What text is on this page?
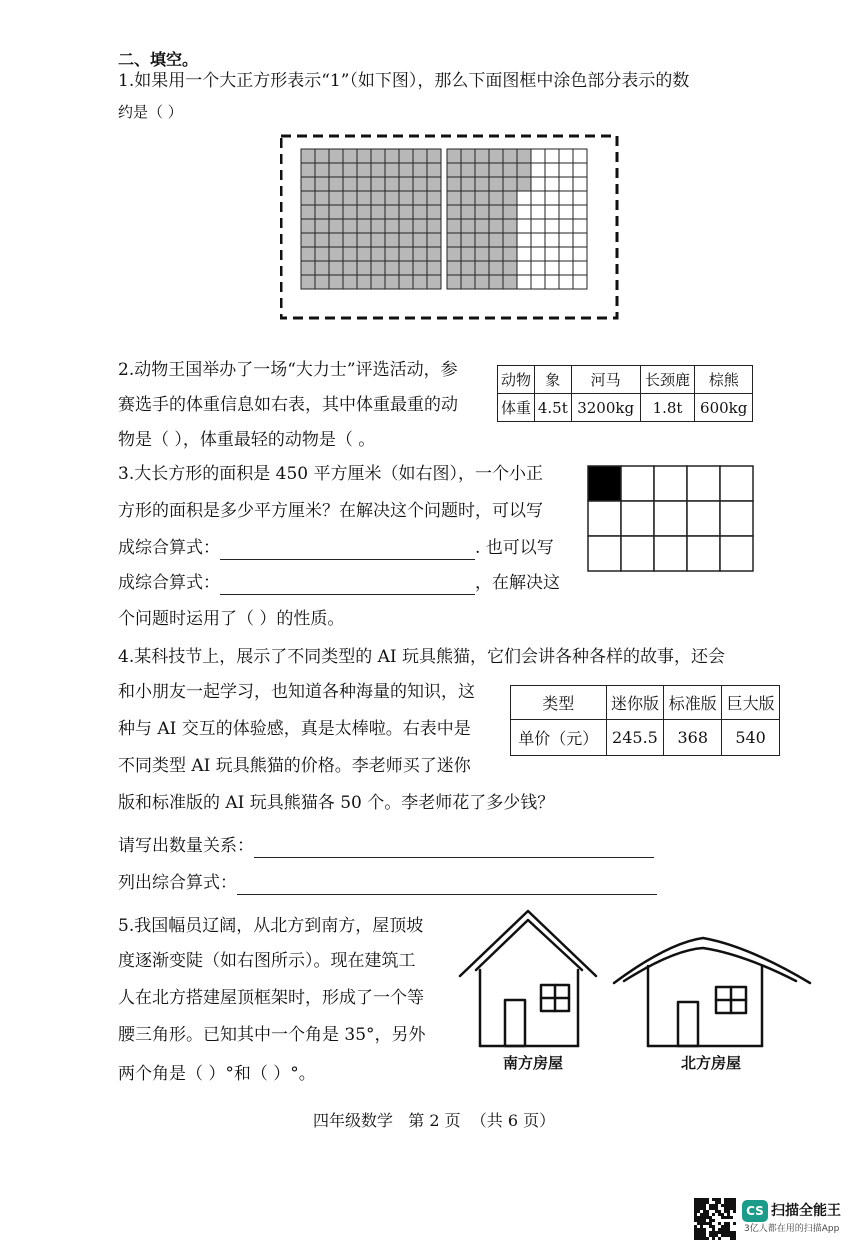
二、填空。
1.如果用一个大正方形表示“1”（如下图），那么下面图框中涂色部分表示的数
约是（ ）
2.动物王国举办了一场“大力士”评选活动，参
赛选手的体重信息如右表，其中体重最重的动
物是（ ），体重最轻的动物是（ 。
动物	象	河马	长颈鹿	棕熊
体重	4.5t	3200kg	1.8t	600kg
3.大长方形的面积是 450 平方厘米（如右图），一个小正
方形的面积是多少平方厘米？在解决这个问题时，可以写
成综合算式：	. 也可以写
成综合算式：	，在解决这
个问题时运用了（ ）的性质。
4.某科技节上，展示了不同类型的 AI 玩具熊猫，它们会讲各种各样的故事，还会
和小朋友一起学习，也知道各种海量的知识，这
种与 AI 交互的体验感，真是太棒啦。右表中是
不同类型 AI 玩具熊猫的价格。李老师买了迷你
版和标准版的 AI 玩具熊猫各 50 个。李老师花了多少钱？
请写出数量关系：
列出综合算式：
类型	迷你版	标准版	巨大版
单价（元）	245.5	368	540
5.我国幅员辽阔，从北方到南方，屋顶坡
度逐渐变陡（如右图所示）。现在建筑工
人在北方搭建屋顶框架时，形成了一个等
腰三角形。已知其中一个角是 35°，另外
两个角是（ ）°和（ ）°。
南方房屋	北方房屋
四年级数学   第 2 页  （共 6 页）
CS 扫描全能王
3亿人都在用的扫描App
